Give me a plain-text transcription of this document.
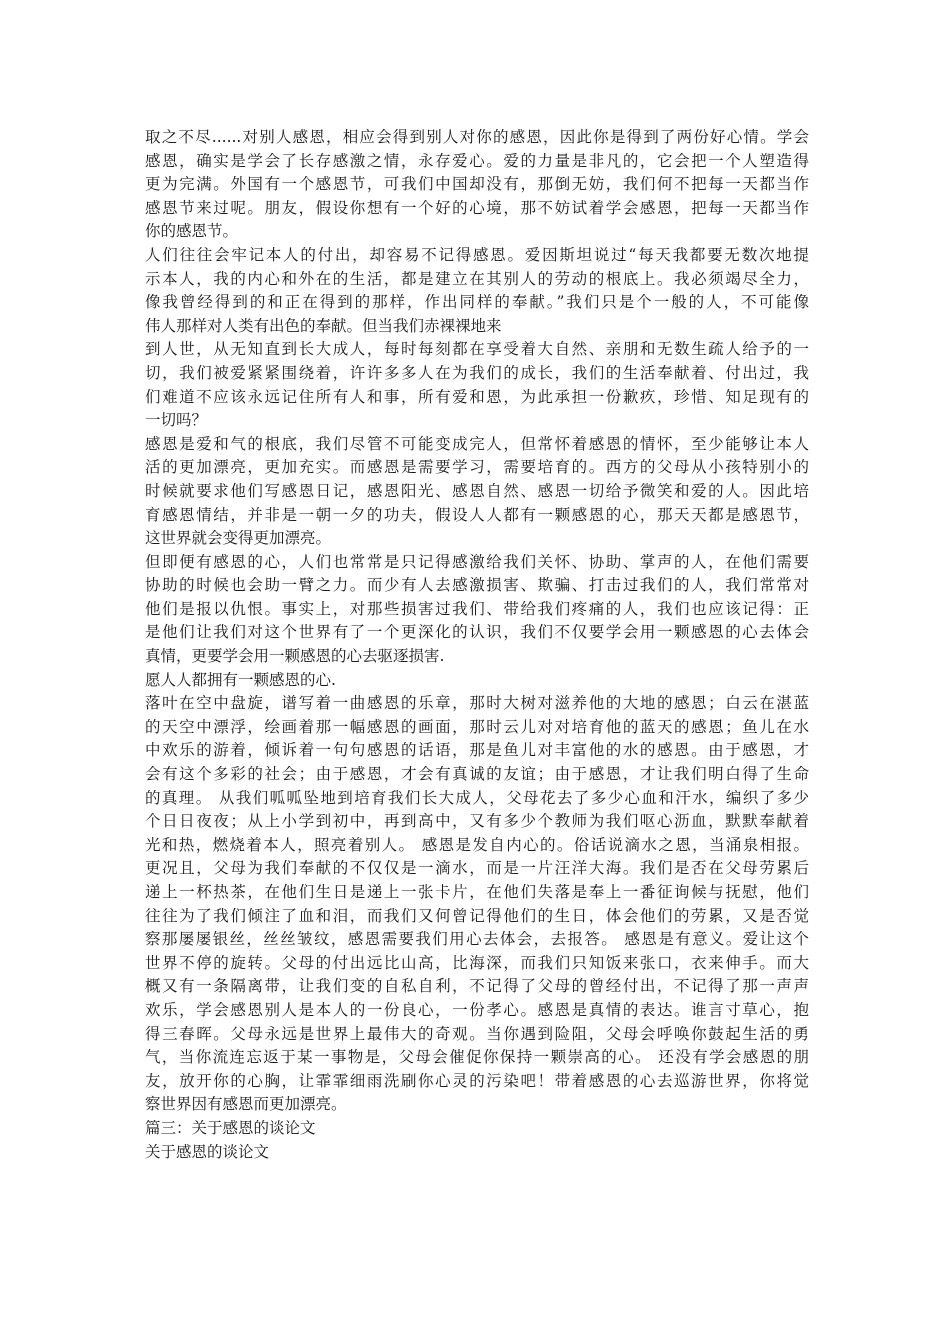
取之不尽......对别人感恩，相应会得到别人对你的感恩，因此你是得到了两份好心情。学会
感恩，确实是学会了长存感激之情，永存爱心。爱的力量是非凡的，它会把一个人塑造得
更为完满。外国有一个感恩节，可我们中国却没有，那倒无妨，我们何不把每一天都当作
感恩节来过呢。朋友，假设你想有一个好的心境，那不妨试着学会感恩，把每一天都当作
你的感恩节。

人们往往会牢记本人的付出，却容易不记得感恩。爱因斯坦说过“每天我都要无数次地提
示本人，我的内心和外在的生活，都是建立在其别人的劳动的根底上。我必须竭尽全力，
像我曾经得到的和正在得到的那样，作出同样的奉献。”我们只是个一般的人，不可能像
伟人那样对人类有出色的奉献。但当我们赤裸裸地来

到人世，从无知直到长大成人，每时每刻都在享受着大自然、亲朋和无数生疏人给予的一
切，我们被爱紧紧围绕着，许许多多人在为我们的成长，我们的生活奉献着、付出过，我
们难道不应该永远记住所有人和事，所有爱和恩，为此承担一份歉疚，珍惜、知足现有的
一切吗？

感恩是爱和气的根底，我们尽管不可能变成完人，但常怀着感恩的情怀，至少能够让本人
活的更加漂亮，更加充实。而感恩是需要学习，需要培育的。西方的父母从小孩特别小的
时候就要求他们写感恩日记，感恩阳光、感恩自然、感恩一切给予微笑和爱的人。因此培
育感恩情结，并非是一朝一夕的功夫，假设人人都有一颗感恩的心，那天天都是感恩节，
这世界就会变得更加漂亮。

但即便有感恩的心，人们也常常是只记得感激给我们关怀、协助、掌声的人，在他们需要
协助的时候也会助一臂之力。而少有人去感激损害、欺骗、打击过我们的人，我们常常对
他们是报以仇恨。事实上，对那些损害过我们、带给我们疼痛的人，我们也应该记得：正
是他们让我们对这个世界有了一个更深化的认识，我们不仅要学会用一颗感恩的心去体会
真情，更要学会用一颗感恩的心去驱逐损害.

愿人人都拥有一颗感恩的心.

落叶在空中盘旋，谱写着一曲感恩的乐章，那时大树对滋养他的大地的感恩；白云在湛蓝
的天空中漂浮，绘画着那一幅感恩的画面，那时云儿对对培育他的蓝天的感恩；鱼儿在水
中欢乐的游着，倾诉着一句句感恩的话语，那是鱼儿对丰富他的水的感恩。由于感恩，才
会有这个多彩的社会；由于感恩，才会有真诚的友谊；由于感恩，才让我们明白得了生命
的真理。 从我们呱呱坠地到培育我们长大成人，父母花去了多少心血和汗水，编织了多少
个日日夜夜；从上小学到初中，再到高中，又有多少个教师为我们呕心沥血，默默奉献着
光和热，燃烧着本人，照亮着别人。 感恩是发自内心的。俗话说滴水之恩，当涌泉相报。
更况且，父母为我们奉献的不仅仅是一滴水，而是一片汪洋大海。我们是否在父母劳累后
递上一杯热茶，在他们生日是递上一张卡片，在他们失落是奉上一番征询候与抚慰，他们
往往为了我们倾注了血和泪，而我们又何曾记得他们的生日，体会他们的劳累，又是否觉
察那屡屡银丝，丝丝皱纹，感恩需要我们用心去体会，去报答。 感恩是有意义。爱让这个
世界不停的旋转。父母的付出远比山高，比海深，而我们只知饭来张口，衣来伸手。而大
概又有一条隔离带，让我们变的自私自利，不记得了父母的曾经付出，不记得了那一声声
欢乐，学会感恩别人是本人的一份良心，一份孝心。感恩是真情的表达。谁言寸草心，抱
得三春晖。父母永远是世界上最伟大的奇观。当你遇到险阻，父母会呼唤你鼓起生活的勇
气，当你流连忘返于某一事物是，父母会催促你保持一颗崇高的心。 还没有学会感恩的朋
友，放开你的心胸，让霏霏细雨洗刷你心灵的污染吧！带着感恩的心去巡游世界，你将觉
察世界因有感恩而更加漂亮。

篇三：关于感恩的谈论文

关于感恩的谈论文
